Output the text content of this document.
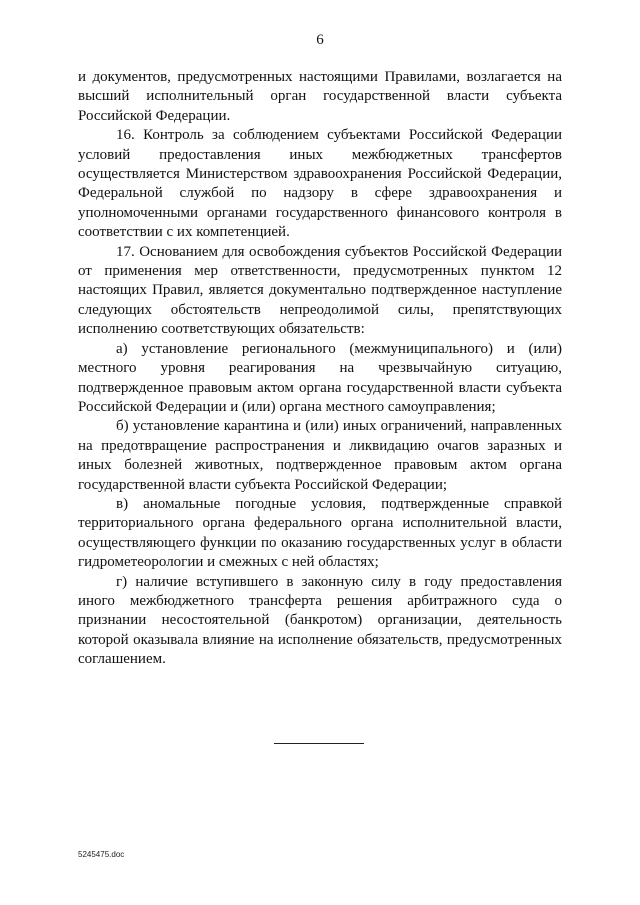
6

и документов, предусмотренных настоящими Правилами, возлагается на высший исполнительный орган государственной власти субъекта Российской Федерации.

16. Контроль за соблюдением субъектами Российской Федерации условий предоставления иных межбюджетных трансфертов осуществляется Министерством здравоохранения Российской Федерации, Федеральной службой по надзору в сфере здравоохранения и уполномоченными органами государственного финансового контроля в соответствии с их компетенцией.

17. Основанием для освобождения субъектов Российской Федерации от применения мер ответственности, предусмотренных пунктом 12 настоящих Правил, является документально подтвержденное наступление следующих обстоятельств непреодолимой силы, препятствующих исполнению соответствующих обязательств:

а) установление регионального (межмуниципального) и (или) местного уровня реагирования на чрезвычайную ситуацию, подтвержденное правовым актом органа государственной власти субъекта Российской Федерации и (или) органа местного самоуправления;

б) установление карантина и (или) иных ограничений, направленных на предотвращение распространения и ликвидацию очагов заразных и иных болезней животных, подтвержденное правовым актом органа государственной власти субъекта Российской Федерации;

в) аномальные погодные условия, подтвержденные справкой территориального органа федерального органа исполнительной власти, осуществляющего функции по оказанию государственных услуг в области гидрометеорологии и смежных с ней областях;

г) наличие вступившего в законную силу в году предоставления иного межбюджетного трансферта решения арбитражного суда о признании несостоятельной (банкротом) организации, деятельность которой оказывала влияние на исполнение обязательств, предусмотренных соглашением.

5245475.doc
